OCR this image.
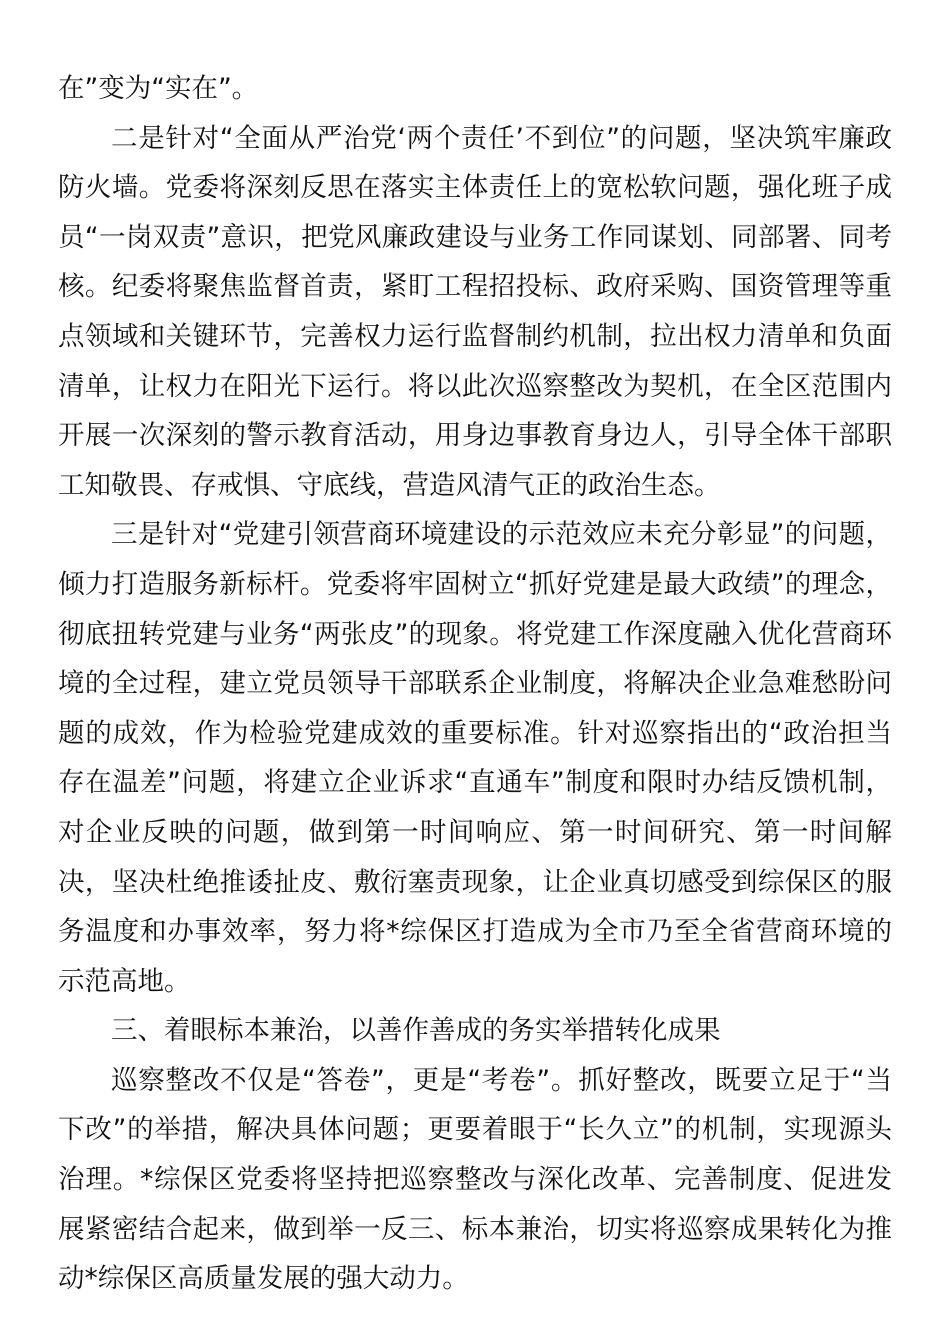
在”变为“实在”。

二是针对“全面从严治党‘两个责任’不到位”的问题，坚决筑牢廉政防火墙。党委将深刻反思在落实主体责任上的宽松软问题，强化班子成员“一岗双责”意识，把党风廉政建设与业务工作同谋划、同部署、同考核。纪委将聚焦监督首责，紧盯工程招投标、政府采购、国资管理等重点领域和关键环节，完善权力运行监督制约机制，拉出权力清单和负面清单，让权力在阳光下运行。将以此次巡察整改为契机，在全区范围内开展一次深刻的警示教育活动，用身边事教育身边人，引导全体干部职工知敬畏、存戒惧、守底线，营造风清气正的政治生态。

三是针对“党建引领营商环境建设的示范效应未充分彰显”的问题，倾力打造服务新标杆。党委将牢固树立“抓好党建是最大政绩”的理念，彻底扭转党建与业务“两张皮”的现象。将党建工作深度融入优化营商环境的全过程，建立党员领导干部联系企业制度，将解决企业急难愁盼问题的成效，作为检验党建成效的重要标准。针对巡察指出的“政治担当存在温差”问题，将建立企业诉求“直通车”制度和限时办结反馈机制，对企业反映的问题，做到第一时间响应、第一时间研究、第一时间解决，坚决杜绝推诿扯皮、敷衍塞责现象，让企业真切感受到综保区的服务温度和办事效率，努力将*综保区打造成为全市乃至全省营商环境的示范高地。

三、着眼标本兼治，以善作善成的务实举措转化成果

巡察整改不仅是“答卷”，更是“考卷”。抓好整改，既要立足于“当下改”的举措，解决具体问题；更要着眼于“长久立”的机制，实现源头治理。*综保区党委将坚持把巡察整改与深化改革、完善制度、促进发展紧密结合起来，做到举一反三、标本兼治，切实将巡察成果转化为推动*综保区高质量发展的强大动力。
